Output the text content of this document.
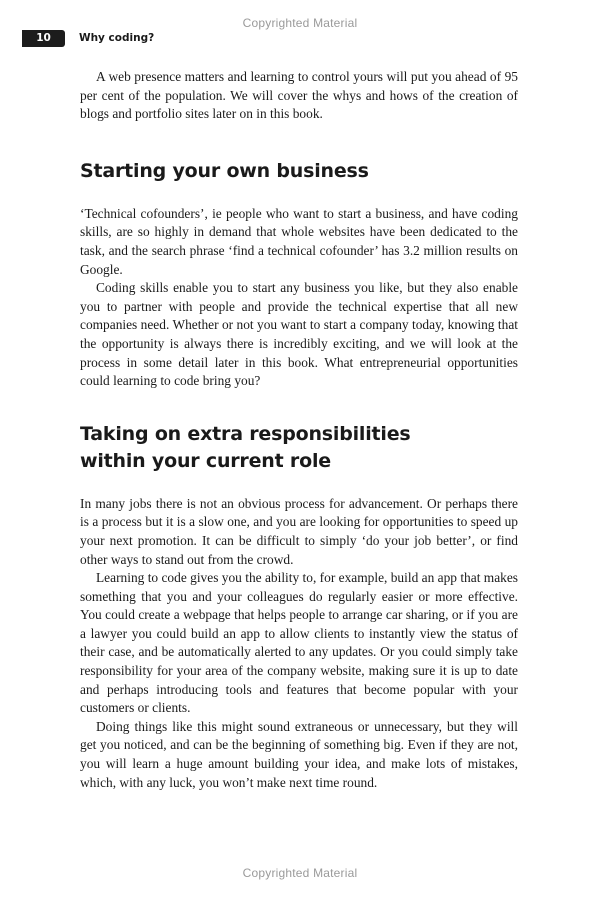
Copyrighted Material
10	Why coding?

A web presence matters and learning to control yours will put you ahead of 95 per cent of the population. We will cover the whys and hows of the creation of blogs and portfolio sites later on in this book.

Starting your own business

‘Technical cofounders’, ie people who want to start a business, and have coding skills, are so highly in demand that whole websites have been dedicated to the task, and the search phrase ‘find a technical cofounder’ has 3.2 million results on Google.

Coding skills enable you to start any business you like, but they also enable you to partner with people and provide the technical expertise that all new companies need. Whether or not you want to start a company today, knowing that the opportunity is always there is incredibly exciting, and we will look at the process in some detail later in this book. What entrepreneurial opportunities could learning to code bring you?

Taking on extra responsibilities
within your current role

In many jobs there is not an obvious process for advancement. Or perhaps there is a process but it is a slow one, and you are looking for opportunities to speed up your next promotion. It can be difficult to simply ‘do your job better’, or find other ways to stand out from the crowd.

Learning to code gives you the ability to, for example, build an app that makes something that you and your colleagues do regularly easier or more effective. You could create a webpage that helps people to arrange car sharing, or if you are a lawyer you could build an app to allow clients to instantly view the status of their case, and be automatically alerted to any updates. Or you could simply take responsibility for your area of the company website, making sure it is up to date and perhaps introducing tools and features that become popular with your customers or clients.

Doing things like this might sound extraneous or unnecessary, but they will get you noticed, and can be the beginning of something big. Even if they are not, you will learn a huge amount building your idea, and make lots of mistakes, which, with any luck, you won’t make next time round.

Copyrighted Material
